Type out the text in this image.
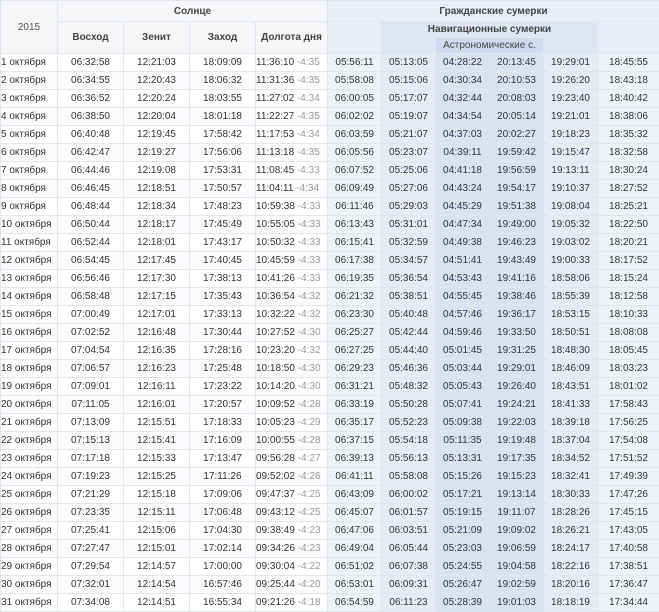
2015	Солнце				Гражданские сумерки					
	Восход	Зенит	Заход	Долгота дня		Навигационные сумерки				
							Астрономические с.			
1 октября	06:32:58	12:21:03	18:09:09	11:36:10 -4:35	05:56:11	05:13:05	04:28:22	20:13:45	19:29:01	18:45:55
2 октября	06:34:55	12:20:43	18:06:32	11:31:36 -4:35	05:58:08	05:15:06	04:30:34	20:10:53	19:26:20	18:43:18
3 октября	06:36:52	12:20:24	18:03:55	11:27:02 -4:34	06:00:05	05:17:07	04:32:44	20:08:03	19:23:40	18:40:42
4 октября	06:38:50	12:20:04	18:01:18	11:22:27 -4:35	06:02:02	05:19:07	04:34:54	20:05:14	19:21:01	18:38:06
5 октября	06:40:48	12:19:45	17:58:42	11:17:53 -4:34	06:03:59	05:21:07	04:37:03	20:02:27	19:18:23	18:35:32
6 октября	06:42:47	12:19:27	17:56:06	11:13:18 -4:35	06:05:56	05:23:07	04:39:11	19:59:42	19:15:47	18:32:58
7 октября	06:44:46	12:19:08	17:53:31	11:08:45 -4:33	06:07:52	05:25:06	04:41:18	19:56:59	19:13:11	18:30:24
8 октября	06:46:45	12:18:51	17:50:57	11:04:11 -4:34	06:09:49	05:27:06	04:43:24	19:54:17	19:10:37	18:27:52
9 октября	06:48:44	12:18:34	17:48:23	10:59:38 -4:33	06:11:46	05:29:03	04:45:29	19:51:38	19:08:04	18:25:21
10 октября	06:50:44	12:18:17	17:45:49	10:55:05 -4:33	06:13:43	05:31:01	04:47:34	19:49:00	19:05:32	18:22:50
11 октября	06:52:44	12:18:01	17:43:17	10:50:32 -4:33	06:15:41	05:32:59	04:49:38	19:46:23	19:03:02	18:20:21
12 октября	06:54:45	12:17:45	17:40:45	10:45:59 -4:33	06:17:38	05:34:57	04:51:41	19:43:49	19:00:33	18:17:52
13 октября	06:56:46	12:17:30	17:38:13	10:41:26 -4:33	06:19:35	05:36:54	04:53:43	19:41:16	18:58:06	18:15:24
14 октября	06:58:48	12:17:15	17:35:43	10:36:54 -4:32	06:21:32	05:38:51	04:55:45	19:38:46	18:55:39	18:12:58
15 октября	07:00:49	12:17:01	17:33:13	10:32:22 -4:32	06:23:30	05:40:48	04:57:46	19:36:17	18:53:15	18:10:33
16 октября	07:02:52	12:16:48	17:30:44	10:27:52 -4:30	06:25:27	05:42:44	04:59:46	19:33:50	18:50:51	18:08:08
17 октября	07:04:54	12:16:35	17:28:16	10:23:20 -4:32	06:27:25	05:44:40	05:01:45	19:31:25	18:48:30	18:05:45
18 октября	07:06:57	12:16:23	17:25:48	10:18:50 -4:30	06:29:23	05:46:36	05:03:44	19:29:01	18:46:09	18:03:23
19 октября	07:09:01	12:16:11	17:23:22	10:14:20 -4:30	06:31:21	05:48:32	05:05:43	19:26:40	18:43:51	18:01:02
20 октября	07:11:05	12:16:01	17:20:57	10:09:52 -4:28	06:33:19	05:50:28	05:07:41	19:24:21	18:41:33	17:58:43
21 октября	07:13:09	12:15:51	17:18:33	10:05:23 -4:29	06:35:17	05:52:23	05:09:38	19:22:03	18:39:18	17:56:25
22 октября	07:15:13	12:15:41	17:16:09	10:00:55 -4:28	06:37:15	05:54:18	05:11:35	19:19:48	18:37:04	17:54:08
23 октября	07:17:18	12:15:33	17:13:47	09:56:28 -4:27	06:39:13	05:56:13	05:13:31	19:17:35	18:34:52	17:51:52
24 октября	07:19:23	12:15:25	17:11:26	09:52:02 -4:26	06:41:11	05:58:08	05:15:26	19:15:23	18:32:41	17:49:39
25 октября	07:21:29	12:15:18	17:09:06	09:47:37 -4:25	06:43:09	06:00:02	05:17:21	19:13:14	18:30:33	17:47:26
26 октября	07:23:35	12:15:11	17:06:48	09:43:12 -4:25	06:45:07	06:01:57	05:19:15	19:11:07	18:28:26	17:45:15
27 октября	07:25:41	12:15:06	17:04:30	09:38:49 -4:23	06:47:06	06:03:51	05:21:09	19:09:02	18:26:21	17:43:05
28 октября	07:27:47	12:15:01	17:02:14	09:34:26 -4:23	06:49:04	06:05:44	05:23:03	19:06:59	18:24:17	17:40:58
29 октября	07:29:54	12:14:57	17:00:00	09:30:04 -4:22	06:51:02	06:07:38	05:24:55	19:04:58	18:22:16	17:38:51
30 октября	07:32:01	12:14:54	16:57:46	09:25:44 -4:20	06:53:01	06:09:31	05:26:47	19:02:59	18:20:16	17:36:47
31 октября	07:34:08	12:14:51	16:55:34	09:21:26 -4:18	06:54:59	06:11:23	05:28:39	19:01:03	18:18:19	17:34:44
